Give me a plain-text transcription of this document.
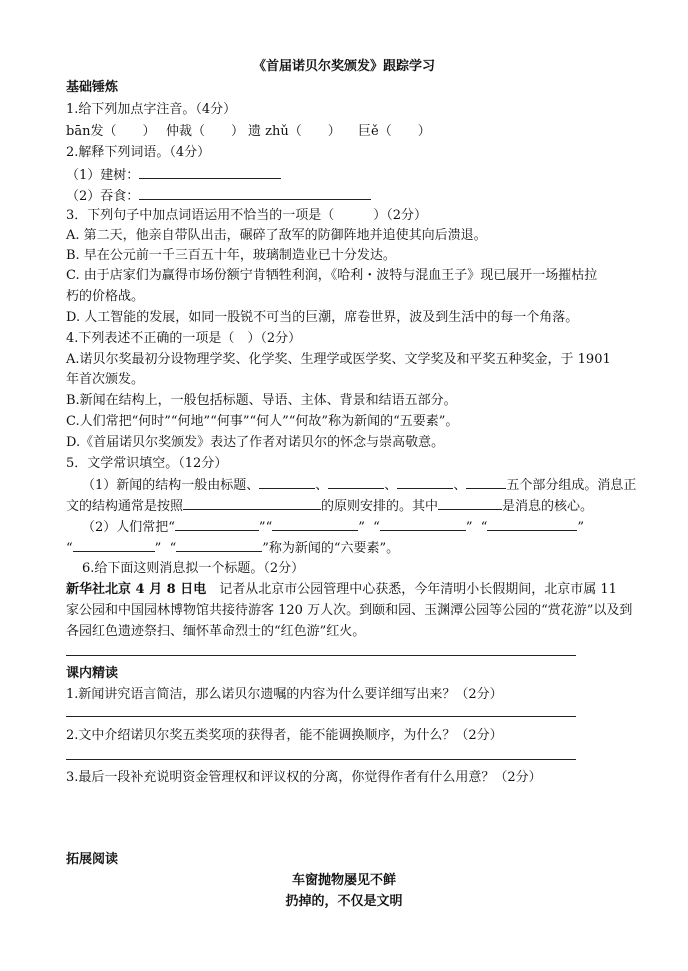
《首届诺贝尔奖颁发》跟踪学习
基础锤炼
1.给下列加点字注音。（4分）
bān发（　　） 仲裁（　　） 遗 zhǔ（　　） 巨ě（　　）
2.解释下列词语。（4分）
（1）建树：
（2）吞食：
3．下列句子中加点词语运用不恰当的一项是（　　　）（2分）
A. 第二天，他亲自带队出击，碾碎了敌军的防御阵地并追使其向后溃退。
B. 早在公元前一千三百五十年，玻璃制造业已十分发达。
C. 由于店家们为赢得市场份额宁肯牺牲利润，《哈利・波特与混血王子》现已展开一场摧枯拉
朽的价格战。
D. 人工智能的发展，如同一股锐不可当的巨潮，席卷世界，波及到生活中的每一个角落。
4.下列表述不正确的一项是（　）（2分）
A.诺贝尔奖最初分设物理学奖、化学奖、生理学或医学奖、文学奖及和平奖五种奖金，于 1901
年首次颁发。
B.新闻在结构上，一般包括标题、导语、主体、背景和结语五部分。
C.人们常把“何时”“何地”“何事”“何人”“何故”称为新闻的“五要素”。
D.《首届诺贝尔奖颁发》表达了作者对诺贝尔的怀念与崇高敬意。
5．文学常识填空。（12分）
（1）新闻的结构一般由标题、	、	、	、	五个部分组成。消息正
文的结构通常是按照	的原则安排的。其中	是消息的核心。
（2）人们常把“	”“	” “	” “	”
“	” “	”称为新闻的“六要素”。
6.给下面这则消息拟一个标题。（2分）
新华社北京 4 月 8 日电　记者从北京市公园管理中心获悉，今年清明小长假期间，北京市属 11
家公园和中国园林博物馆共接待游客 120 万人次。到颐和园、玉渊潭公园等公园的“赏花游”以及到
各园红色遗迹祭扫、缅怀革命烈士的“红色游”红火。
课内精读
1.新闻讲究语言简洁，那么诺贝尔遗嘱的内容为什么要详细写出来？（2分）
2.文中介绍诺贝尔奖五类奖项的获得者，能不能调换顺序，为什么？（2分）
3.最后一段补充说明资金管理权和评议权的分离，你觉得作者有什么用意？（2分）
拓展阅读
车窗抛物屡见不鲜
扔掉的，不仅是文明
